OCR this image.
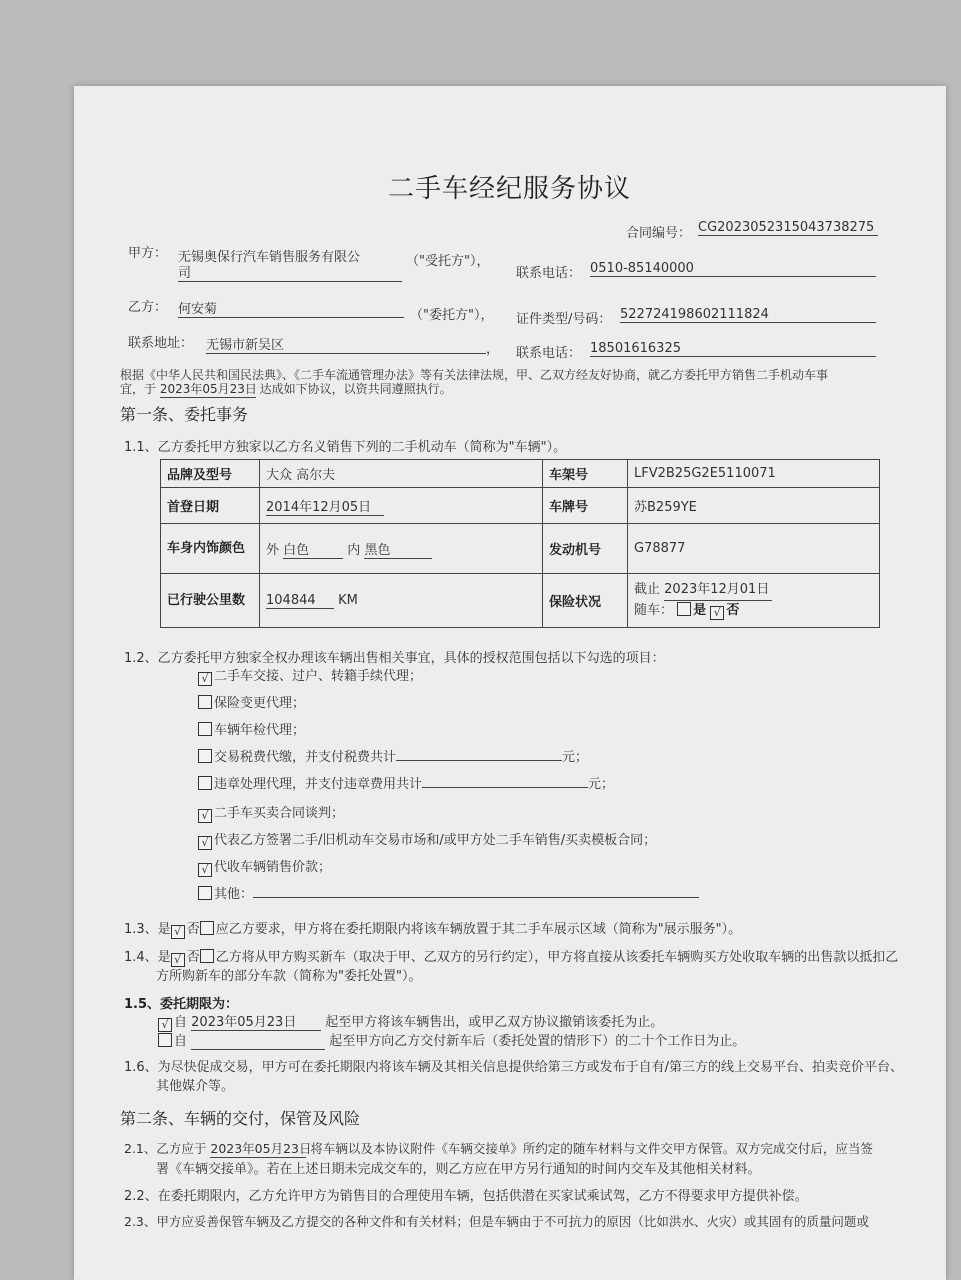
二手车经纪服务协议
合同编号： CG20230523150437382​75
甲方： 无锡奥保行汽车销售服务有限公
司
（"受托方"），
联系电话： 0510-85140000
乙方： 何安菊	（"委托方"）， 证件类型/号码： 522724198602111824
联系地址： 无锡市新吴区	， 联系电话： 18501616325
根据《中华人民共和国民法典》、《二手车流通管理办法》等有关法律法规，甲、乙双方经友好协商，就乙方委托甲方销售二手机动车事
宜，于 2023年05月23日 达成如下协议，以资共同遵照执行。
第一条、委托事务
1.1、乙方委托甲方独家以乙方名义销售下列的二手机动车（简称为"车辆"）。
品牌及型号	大众 高尔夫	车架号	LFV2B25G2E5110071
首登日期	2014年12月05日	车牌号	苏B259YE
车身内饰颜色	外 白色 内 黑色	发动机号	G78877
已行驶公里数	104844 KM	保险状况	截止 2023年12月01日
随车： 是 √ 否
1.2、乙方委托甲方独家全权办理该车辆出售相关事宜，具体的授权范围包括以下勾选的项目：
√ 二手车交接、过户、转籍手续代理；
保险变更代理；
车辆年检代理；
交易税费代缴，并支付税费共计	元；
违章处理代理，并支付违章费用共计	元；
√ 二手车买卖合同谈判；
√ 代表乙方签署二手/旧机动车交易市场和/或甲方处二手车销售/买卖模板合同；
√ 代收车辆销售价款；
其他：
1.3、是 √ 否 应乙方要求，甲方将在委托期限内将该车辆放置于其二手车展示区域（简称为"展示服务"）。
1.4、是 √ 否 乙方将从甲方购买新车（取决于甲、乙双方的另行约定），甲方将直接从该委托车辆购买方处收取车辆的出售款以抵扣乙
方所购新车的部分车款（简称为"委托处置"）。
1.5、委托期限为：
√ 自 2023年05月23日 起至甲方将该车辆售出，或甲乙双方协议撤销该委托为止。
自	起至甲方向乙方交付新车后（委托处置的情形下）的二十个工作日为止。
1.6、为尽快促成交易，甲方可在委托期限内将该车辆及其相关信息提供给第三方或发布于自有/第三方的线上交易平台、拍卖竞价平台、
其他媒介等。
第二条、车辆的交付，保管及风险
2.1、乙方应于 2023年05月23日 将车辆以及本协议附件《车辆交接单》所约定的随车材料与文件交甲方保管。双方完成交付后，应当签
署《车辆交接单》。若在上述日期未完成交车的，则乙方应在甲方另行通知的时间内交车及其他相关材料。
2.2、在委托期限内，乙方允许甲方为销售目的合理使用车辆，包括供潜在买家试乘试驾，乙方不得要求甲方提供补偿。
2.3、甲方应妥善保管车辆及乙方提交的各种文件和有关材料；但是车辆由于不可抗力的原因（比如洪水、火灾）或其固有的质量问题或
